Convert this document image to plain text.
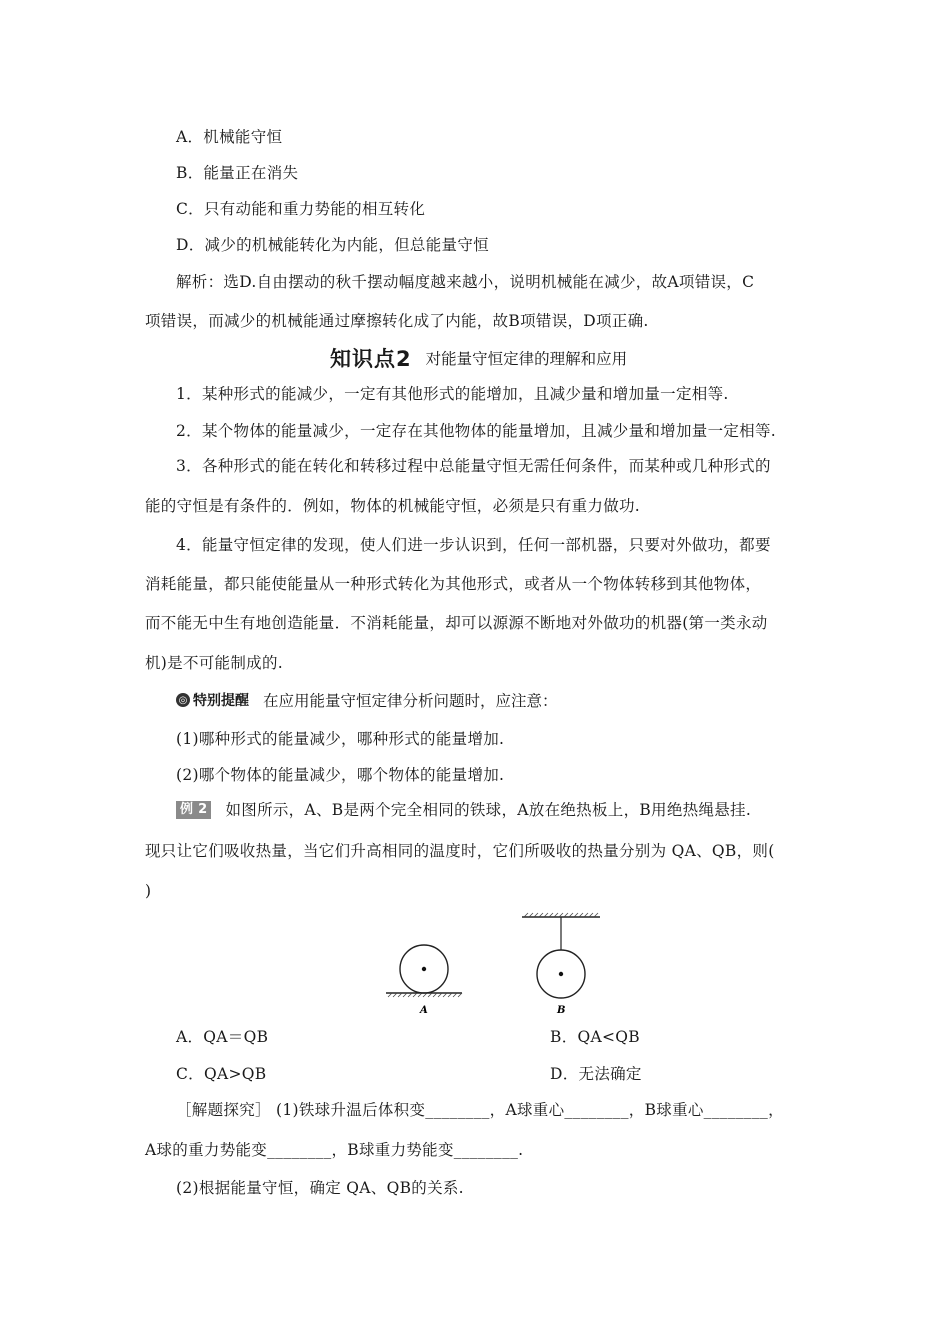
A．机械能守恒
B．能量正在消失
C．只有动能和重力势能的相互转化
D．减少的机械能转化为内能，但总能量守恒
解析：选D.自由摆动的秋千摆动幅度越来越小，说明机械能在减少，故A项错误，C
项错误，而减少的机械能通过摩擦转化成了内能，故B项错误，D项正确.
知识点2 对能量守恒定律的理解和应用
1．某种形式的能减少，一定有其他形式的能增加，且减少量和增加量一定相等.
2．某个物体的能量减少，一定存在其他物体的能量增加，且减少量和增加量一定相等.
3．各种形式的能在转化和转移过程中总能量守恒无需任何条件，而某种或几种形式的
能的守恒是有条件的．例如，物体的机械能守恒，必须是只有重力做功.
4．能量守恒定律的发现，使人们进一步认识到，任何一部机器，只要对外做功，都要
消耗能量，都只能使能量从一种形式转化为其他形式，或者从一个物体转移到其他物体，
而不能无中生有地创造能量．不消耗能量，却可以源源不断地对外做功的机器(第一类永动
机)是不可能制成的.
◎ 特别提醒 在应用能量守恒定律分析问题时，应注意：
(1)哪种形式的能量减少，哪种形式的能量增加.
(2)哪个物体的能量减少，哪个物体的能量增加.
例 2 如图所示，A、B是两个完全相同的铁球，A放在绝热板上，B用绝热绳悬挂.
现只让它们吸收热量，当它们升高相同的温度时，它们所吸收的热量分别为 QA、QB，则(
)
A	B
A．QA＝QB	B．QA<QB
C．QA>QB	D．无法确定
［解题探究］ (1)铁球升温后体积变________，A球重心________，B球重心________，
A球的重力势能变________，B球重力势能变________.
(2)根据能量守恒，确定 QA、QB的关系.
